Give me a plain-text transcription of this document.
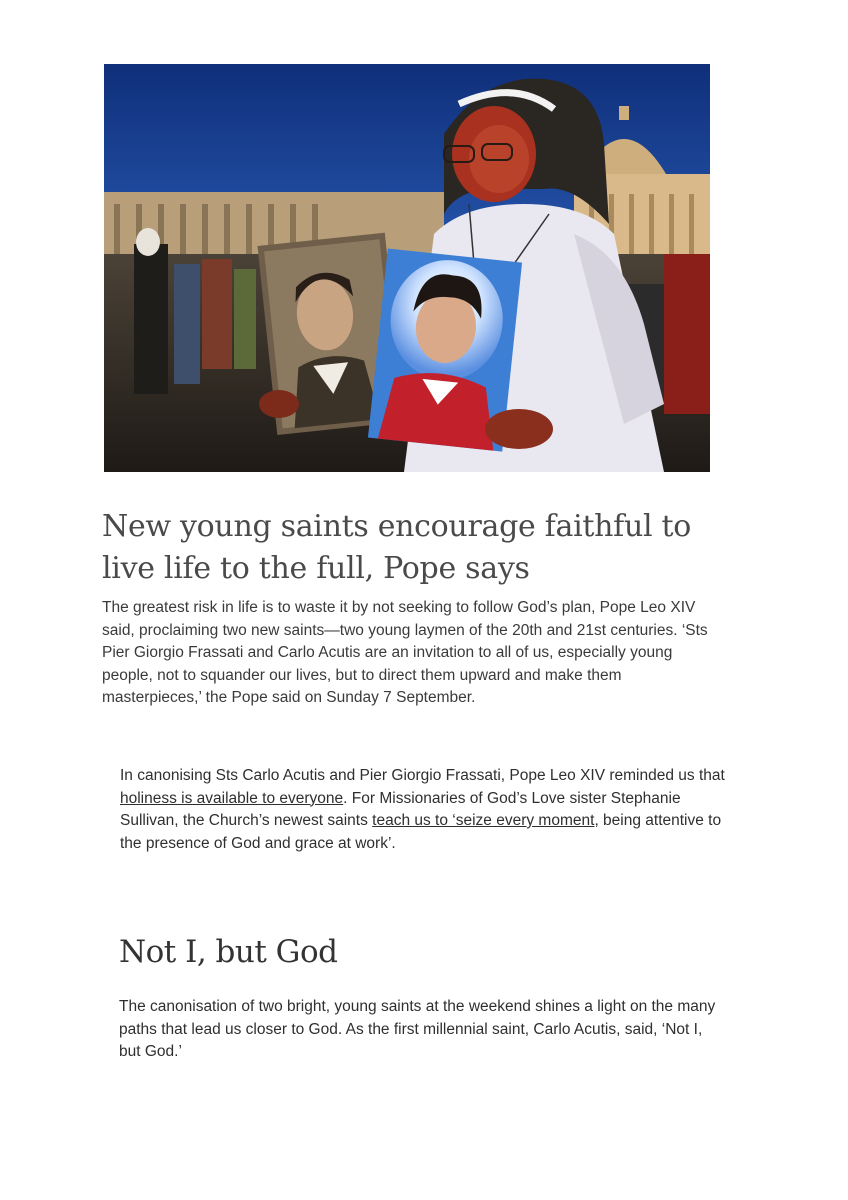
New young saints encourage faithful to live life to the full, Pope says

The greatest risk in life is to waste it by not seeking to follow God’s plan, Pope Leo XIV said, proclaiming two new saints—two young laymen of the 20th and 21st centuries. ‘Sts Pier Giorgio Frassati and Carlo Acutis are an invitation to all of us, especially young people, not to squander our lives, but to direct them upward and make them masterpieces,’ the Pope said on Sunday 7 September.

In canonising Sts Carlo Acutis and Pier Giorgio Frassati, Pope Leo XIV reminded us that holiness is available to everyone. For Missionaries of God’s Love sister Stephanie Sullivan, the Church’s newest saints teach us to ‘seize every moment, being attentive to the presence of God and grace at work’.

Not I, but God

The canonisation of two bright, young saints at the weekend shines a light on the many paths that lead us closer to God. As the first millennial saint, Carlo Acutis, said, ‘Not I, but God.’
